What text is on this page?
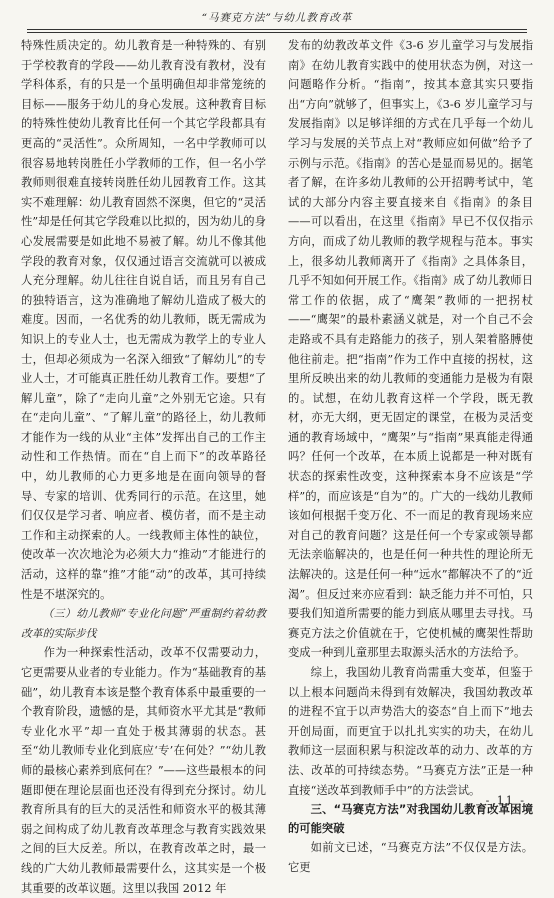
“马赛克方法”与幼儿教育改革

特殊性质决定的。幼儿教育是一种特殊的、有别于学校教育的学段——幼儿教育没有教材，没有学科体系，有的只是一个虽明确但却非常笼统的目标——服务于幼儿的身心发展。这种教育目标的特殊性使幼儿教育比任何一个其它学段都具有更高的“灵活性”。众所周知，一名中学教师可以很容易地转岗胜任小学教师的工作，但一名小学教师则很难直接转岗胜任幼儿园教育工作。这其实不难理解：幼儿教育固然不深奥，但它的“灵活性”却是任何其它学段难以比拟的，因为幼儿的身心发展需要是如此地不易被了解。幼儿不像其他学段的教育对象，仅仅通过语言交流就可以被成人充分理解。幼儿往往自说自话，而且另有自己的独特语言，这为准确地了解幼儿造成了极大的难度。因而，一名优秀的幼儿教师，既无需成为知识上的专业人士，也无需成为教学上的专业人士，但却必须成为一名深入细致“了解幼儿”的专业人士，才可能真正胜任幼儿教育工作。要想“了解儿童”，除了“走向儿童”之外别无它途。只有在“走向儿童”、“了解儿童”的路径上，幼儿教师才能作为一线的从业“主体”发挥出自己的工作主动性和工作热情。而在“自上而下”的改革路径中，幼儿教师的心力更多地是在面向领导的督导、专家的培训、优秀同行的示范。在这里，她们仅仅是学习者、响应者、模仿者，而不是主动工作和主动探索的人。一线教师主体性的缺位，使改革一次次地沦为必须大力“推动”才能进行的活动，这样的靠“推”才能“动”的改革，其可持续性是不堪深究的。

（三）幼儿教师“专业化问题”严重制约着幼教改革的实际步伐

作为一种探索性活动，改革不仅需要动力，它更需要从业者的专业能力。作为“基础教育的基础”，幼儿教育本该是整个教育体系中最重要的一个教育阶段，遗憾的是，其师资水平尤其是“教师专业化水平”却一直处于极其薄弱的状态。甚至“幼儿教师专业化到底应‘专’在何处？”“幼儿教师的最核心素养到底何在？”——这些最根本的问题即便在理论层面也还没有得到充分探讨。幼儿教育所具有的巨大的灵活性和师资水平的极其薄弱之间构成了幼儿教育改革理念与教育实践效果之间的巨大反差。所以，在教育改革之时，最一线的广大幼儿教师最需要什么，这其实是一个极其重要的改革议题。这里以我国 2012 年

发布的幼教改革文件《3-6 岁儿童学习与发展指南》在幼儿教育实践中的使用状态为例，对这一问题略作分析。“指南”，按其本意其实只要指出“方向”就够了，但事实上，《3-6 岁儿童学习与发展指南》以足够详细的方式在几乎每一个幼儿学习与发展的关节点上对“教师应如何做”给予了示例与示范。《指南》的苦心是显而易见的。据笔者了解，在许多幼儿教师的公开招聘考试中，笔试的大部分内容主要直接来自《指南》的条目——可以看出，在这里《指南》早已不仅仅指示方向，而成了幼儿教师的教学规程与范本。事实上，很多幼儿教师离开了《指南》之具体条目，几乎不知如何开展工作。《指南》成了幼儿教师日常工作的依据，成了“鹰架”教师的一把拐杖——“鹰架”的最朴素涵义就是，对一个自己不会走路或不具有走路能力的孩子，别人架着胳膊使他往前走。把“指南”作为工作中直接的拐杖，这里所反映出来的幼儿教师的变通能力是极为有限的。试想，在幼儿教育这样一个学段，既无教材，亦无大纲，更无固定的课堂，在极为灵活变通的教育场域中，“鹰架”与“指南”果真能走得通吗？任何一个改革，在本质上说都是一种对既有状态的探索性改变，这种探索本身不应该是“学样”的，而应该是“自为”的。广大的一线幼儿教师该如何根据千变万化、不一而足的教育现场来应对自己的教育问题？这是任何一个专家或领导都无法亲临解决的，也是任何一种共性的理论所无法解决的。这是任何一种“远水”都解决不了的“近渴”。但反过来亦应看到：缺乏能力并不可怕，只要我们知道所需要的能力到底从哪里去寻找。马赛克方法之价值就在于，它使机械的鹰架性帮助变成一种到儿童那里去取源头活水的方法给予。

综上，我国幼儿教育尚需重大变革，但鉴于以上根本问题尚未得到有效解决，我国幼教改革的进程不宜于以声势浩大的姿态“自上而下”地去开创局面，而更宜于以扎扎实实的功夫，在幼儿教师这一层面积累与积淀改革的动力、改革的方法、改革的可持续态势。“马赛克方法”正是一种直接“送改革到教师手中”的方法尝试。

三、“马赛克方法”对我国幼儿教育改革困境的可能突破

如前文已述，“马赛克方法”不仅仅是方法。它更

- 11 -
